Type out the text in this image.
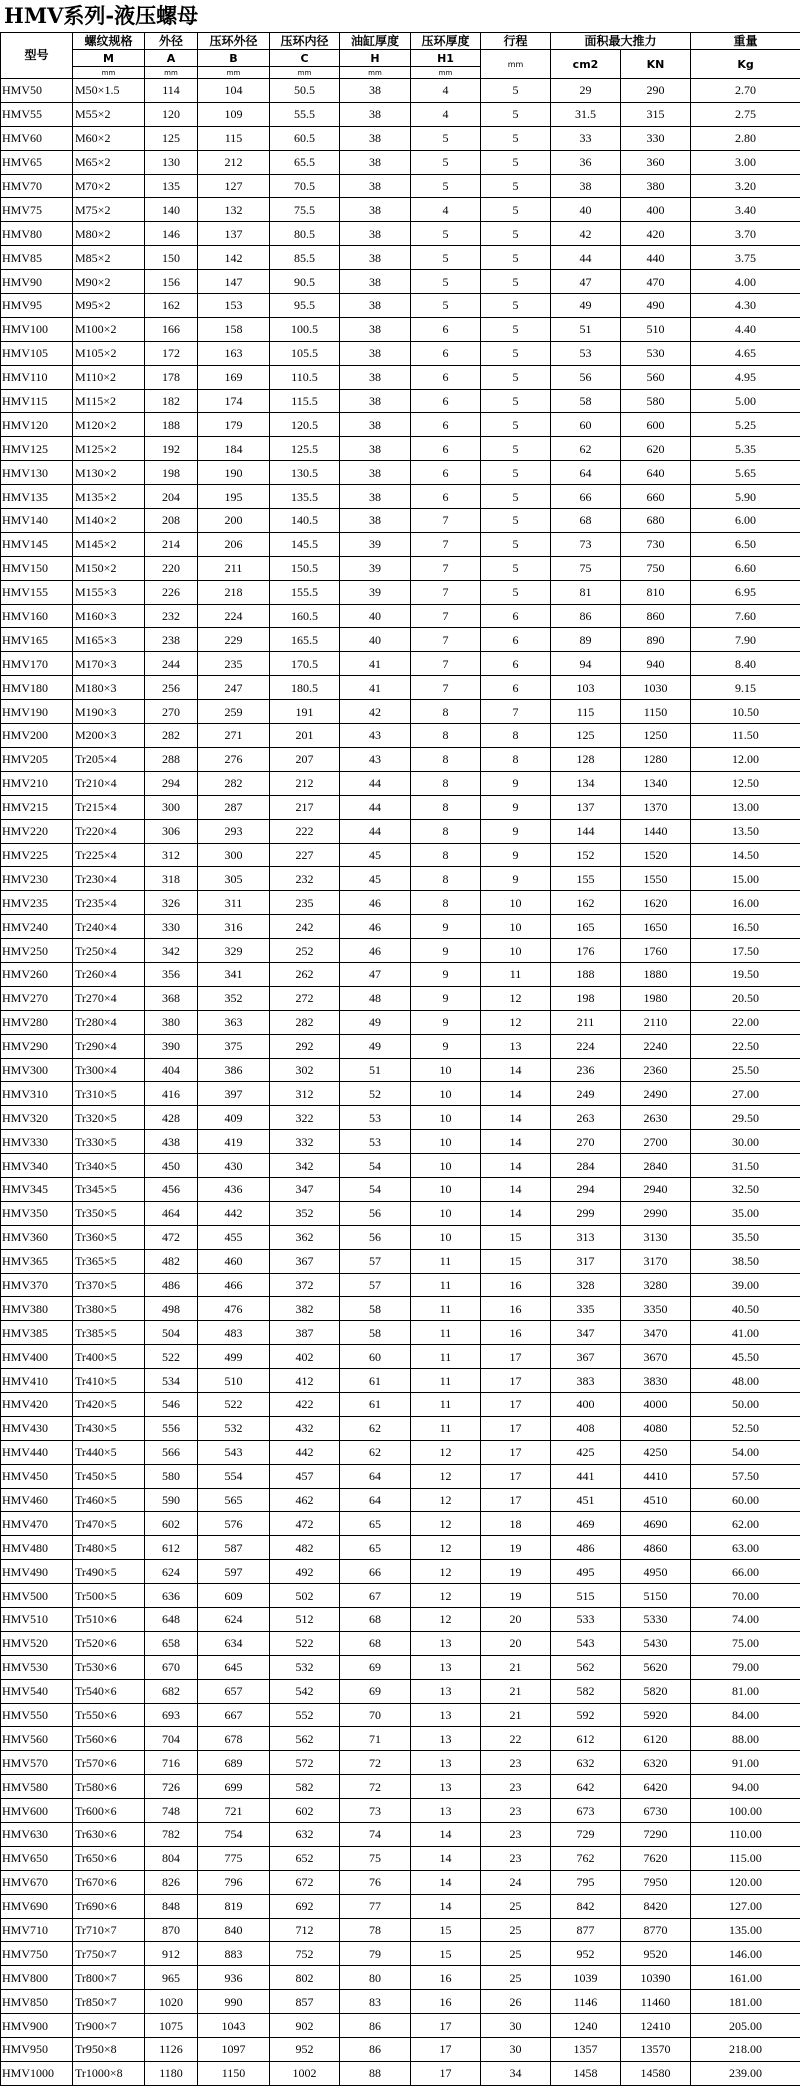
HMV系列-液压螺母
型号	螺纹规格	外径	压环外径	压环内径	油缸厚度	压环厚度	行程	面积最大推力		重量
	M	A	B	C	H	H1	mm	cm2	KN	Kg
	mm	mm	mm	mm	mm	mm				
HMV50	M50×1.5	114	104	50.5	38	4	5	29	290	2.70
HMV55	M55×2	120	109	55.5	38	4	5	31.5	315	2.75
HMV60	M60×2	125	115	60.5	38	5	5	33	330	2.80
HMV65	M65×2	130	212	65.5	38	5	5	36	360	3.00
HMV70	M70×2	135	127	70.5	38	5	5	38	380	3.20
HMV75	M75×2	140	132	75.5	38	4	5	40	400	3.40
HMV80	M80×2	146	137	80.5	38	5	5	42	420	3.70
HMV85	M85×2	150	142	85.5	38	5	5	44	440	3.75
HMV90	M90×2	156	147	90.5	38	5	5	47	470	4.00
HMV95	M95×2	162	153	95.5	38	5	5	49	490	4.30
HMV100	M100×2	166	158	100.5	38	6	5	51	510	4.40
HMV105	M105×2	172	163	105.5	38	6	5	53	530	4.65
HMV110	M110×2	178	169	110.5	38	6	5	56	560	4.95
HMV115	M115×2	182	174	115.5	38	6	5	58	580	5.00
HMV120	M120×2	188	179	120.5	38	6	5	60	600	5.25
HMV125	M125×2	192	184	125.5	38	6	5	62	620	5.35
HMV130	M130×2	198	190	130.5	38	6	5	64	640	5.65
HMV135	M135×2	204	195	135.5	38	6	5	66	660	5.90
HMV140	M140×2	208	200	140.5	38	7	5	68	680	6.00
HMV145	M145×2	214	206	145.5	39	7	5	73	730	6.50
HMV150	M150×2	220	211	150.5	39	7	5	75	750	6.60
HMV155	M155×3	226	218	155.5	39	7	5	81	810	6.95
HMV160	M160×3	232	224	160.5	40	7	6	86	860	7.60
HMV165	M165×3	238	229	165.5	40	7	6	89	890	7.90
HMV170	M170×3	244	235	170.5	41	7	6	94	940	8.40
HMV180	M180×3	256	247	180.5	41	7	6	103	1030	9.15
HMV190	M190×3	270	259	191	42	8	7	115	1150	10.50
HMV200	M200×3	282	271	201	43	8	8	125	1250	11.50
HMV205	Tr205×4	288	276	207	43	8	8	128	1280	12.00
HMV210	Tr210×4	294	282	212	44	8	9	134	1340	12.50
HMV215	Tr215×4	300	287	217	44	8	9	137	1370	13.00
HMV220	Tr220×4	306	293	222	44	8	9	144	1440	13.50
HMV225	Tr225×4	312	300	227	45	8	9	152	1520	14.50
HMV230	Tr230×4	318	305	232	45	8	9	155	1550	15.00
HMV235	Tr235×4	326	311	235	46	8	10	162	1620	16.00
HMV240	Tr240×4	330	316	242	46	9	10	165	1650	16.50
HMV250	Tr250×4	342	329	252	46	9	10	176	1760	17.50
HMV260	Tr260×4	356	341	262	47	9	11	188	1880	19.50
HMV270	Tr270×4	368	352	272	48	9	12	198	1980	20.50
HMV280	Tr280×4	380	363	282	49	9	12	211	2110	22.00
HMV290	Tr290×4	390	375	292	49	9	13	224	2240	22.50
HMV300	Tr300×4	404	386	302	51	10	14	236	2360	25.50
HMV310	Tr310×5	416	397	312	52	10	14	249	2490	27.00
HMV320	Tr320×5	428	409	322	53	10	14	263	2630	29.50
HMV330	Tr330×5	438	419	332	53	10	14	270	2700	30.00
HMV340	Tr340×5	450	430	342	54	10	14	284	2840	31.50
HMV345	Tr345×5	456	436	347	54	10	14	294	2940	32.50
HMV350	Tr350×5	464	442	352	56	10	14	299	2990	35.00
HMV360	Tr360×5	472	455	362	56	10	15	313	3130	35.50
HMV365	Tr365×5	482	460	367	57	11	15	317	3170	38.50
HMV370	Tr370×5	486	466	372	57	11	16	328	3280	39.00
HMV380	Tr380×5	498	476	382	58	11	16	335	3350	40.50
HMV385	Tr385×5	504	483	387	58	11	16	347	3470	41.00
HMV400	Tr400×5	522	499	402	60	11	17	367	3670	45.50
HMV410	Tr410×5	534	510	412	61	11	17	383	3830	48.00
HMV420	Tr420×5	546	522	422	61	11	17	400	4000	50.00
HMV430	Tr430×5	556	532	432	62	11	17	408	4080	52.50
HMV440	Tr440×5	566	543	442	62	12	17	425	4250	54.00
HMV450	Tr450×5	580	554	457	64	12	17	441	4410	57.50
HMV460	Tr460×5	590	565	462	64	12	17	451	4510	60.00
HMV470	Tr470×5	602	576	472	65	12	18	469	4690	62.00
HMV480	Tr480×5	612	587	482	65	12	19	486	4860	63.00
HMV490	Tr490×5	624	597	492	66	12	19	495	4950	66.00
HMV500	Tr500×5	636	609	502	67	12	19	515	5150	70.00
HMV510	Tr510×6	648	624	512	68	12	20	533	5330	74.00
HMV520	Tr520×6	658	634	522	68	13	20	543	5430	75.00
HMV530	Tr530×6	670	645	532	69	13	21	562	5620	79.00
HMV540	Tr540×6	682	657	542	69	13	21	582	5820	81.00
HMV550	Tr550×6	693	667	552	70	13	21	592	5920	84.00
HMV560	Tr560×6	704	678	562	71	13	22	612	6120	88.00
HMV570	Tr570×6	716	689	572	72	13	23	632	6320	91.00
HMV580	Tr580×6	726	699	582	72	13	23	642	6420	94.00
HMV600	Tr600×6	748	721	602	73	13	23	673	6730	100.00
HMV630	Tr630×6	782	754	632	74	14	23	729	7290	110.00
HMV650	Tr650×6	804	775	652	75	14	23	762	7620	115.00
HMV670	Tr670×6	826	796	672	76	14	24	795	7950	120.00
HMV690	Tr690×6	848	819	692	77	14	25	842	8420	127.00
HMV710	Tr710×7	870	840	712	78	15	25	877	8770	135.00
HMV750	Tr750×7	912	883	752	79	15	25	952	9520	146.00
HMV800	Tr800×7	965	936	802	80	16	25	1039	10390	161.00
HMV850	Tr850×7	1020	990	857	83	16	26	1146	11460	181.00
HMV900	Tr900×7	1075	1043	902	86	17	30	1240	12410	205.00
HMV950	Tr950×8	1126	1097	952	86	17	30	1357	13570	218.00
HMV1000	Tr1000×8	1180	1150	1002	88	17	34	1458	14580	239.00
